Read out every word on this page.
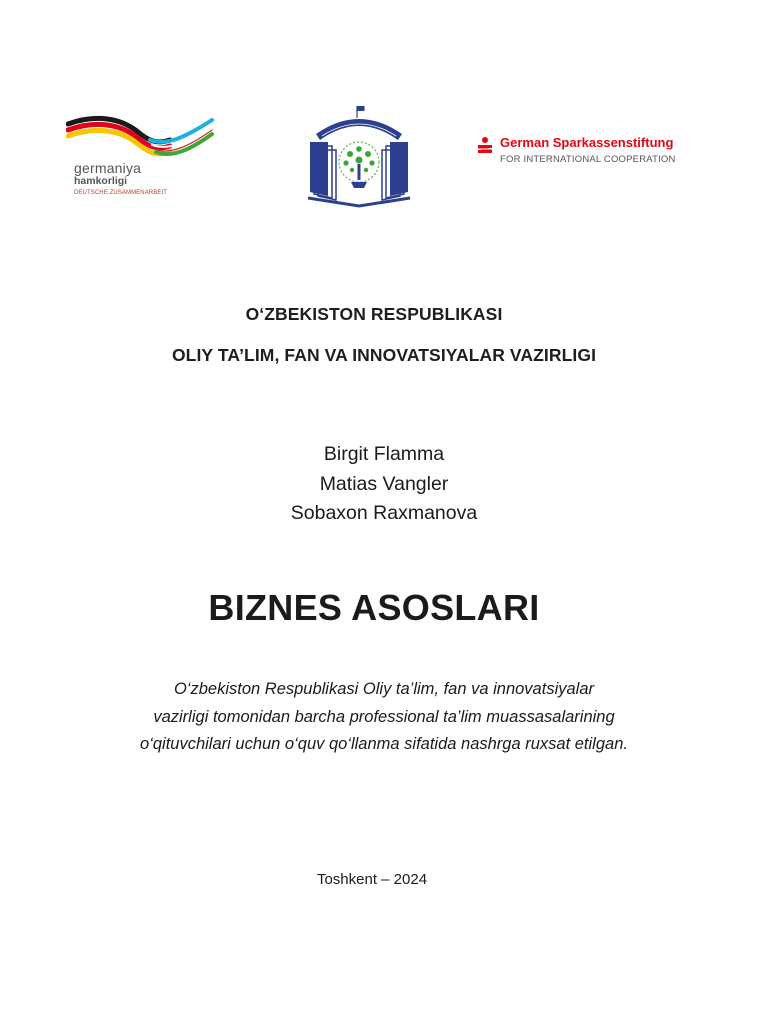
germaniya
hamkorligi
DEUTSCHE ZUSAMMENARBEIT
German Sparkassenstiftung
FOR INTERNATIONAL COOPERATION
O‘ZBEKISTON RESPUBLIKASI
OLIY TA’LIM, FAN VA INNOVATSIYALAR VAZIRLIGI
Birgit Flamma
Matias Vangler
Sobaxon Raxmanova
BIZNES ASOSLARI
O‘zbekiston Respublikasi Oliy ta’lim, fan va innovatsiyalar
vazirligi tomonidan barcha professional ta’lim muassasalarining
o‘qituvchilari uchun o‘quv qo‘llanma sifatida nashrga ruxsat etilgan.
Toshkent – 2024
